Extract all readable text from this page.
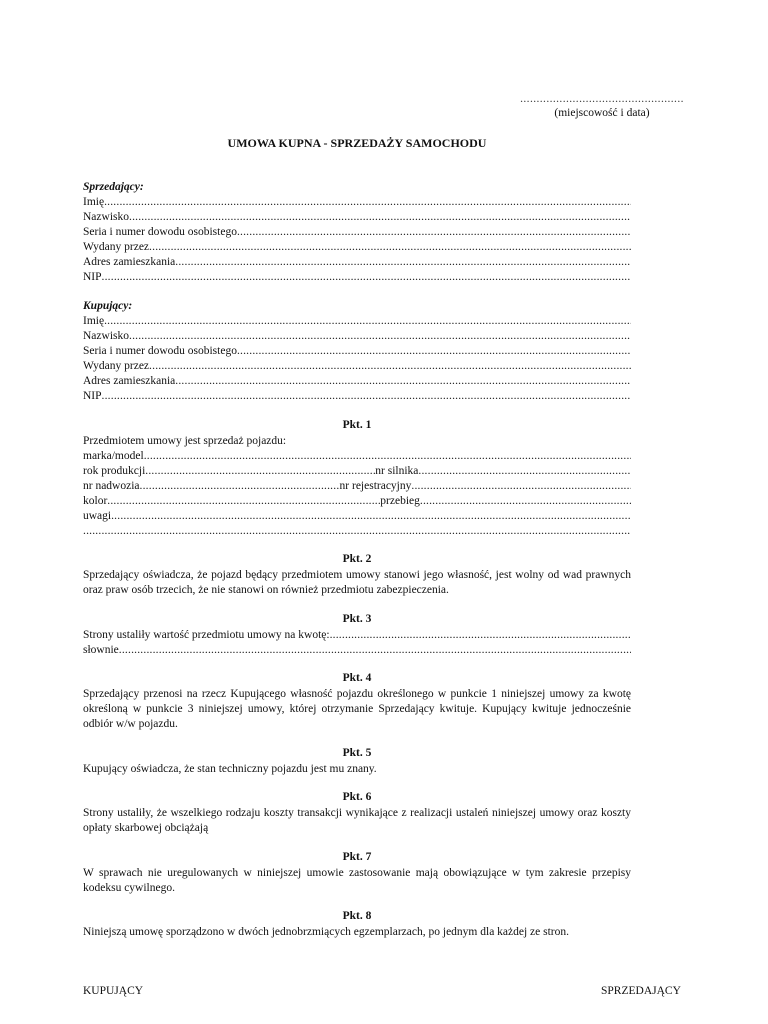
..................................................
(miejscowość i data)
UMOWA KUPNA - SPRZEDAŻY SAMOCHODU
Sprzedający:
Imię
.....
Nazwisko
.....
Seria i numer dowodu osobistego
.....
Wydany przez
.....
Adres zamieszkania
.....
NIP
.....
Kupujący:
Imię
.....
Nazwisko
.....
Seria i numer dowodu osobistego
.....
Wydany przez
.....
Adres zamieszkania
.....
NIP
.....
Pkt. 1
Przedmiotem umowy jest sprzedaż pojazdu:
marka/model
.....
rok produkcji .....	nr silnika
.....
nr nadwozia .....	nr rejestracyjny
.....
kolor .....	przebieg
.....
uwagi
.....
.....
Pkt. 2
Sprzedający oświadcza, że pojazd będący przedmiotem umowy stanowi jego własność, jest wolny od wad prawnych oraz praw osób trzecich, że nie stanowi on również przedmiotu zabezpieczenia.
Pkt. 3
Strony ustaliły wartość przedmiotu umowy na kwotę:
.....
słownie
.....
Pkt. 4
Sprzedający przenosi na rzecz Kupującego własność pojazdu określonego w punkcie 1 niniejszej umowy za kwotę określoną w punkcie 3 niniejszej umowy, której otrzymanie Sprzedający kwituje. Kupujący kwituje jednocześnie odbiór w/w pojazdu.
Pkt. 5
Kupujący oświadcza, że stan techniczny pojazdu jest mu znany.
Pkt. 6
Strony ustaliły, że wszelkiego rodzaju koszty transakcji wynikające z realizacji ustaleń niniejszej umowy oraz koszty opłaty skarbowej obciążają
Pkt. 7
W sprawach nie uregulowanych w niniejszej umowie zastosowanie mają obowiązujące w tym zakresie przepisy kodeksu cywilnego.
Pkt. 8
Niniejszą umowę sporządzono w dwóch jednobrzmiących egzemplarzach, po jednym dla każdej ze stron.
KUPUJĄCY	SPRZEDAJĄCY
